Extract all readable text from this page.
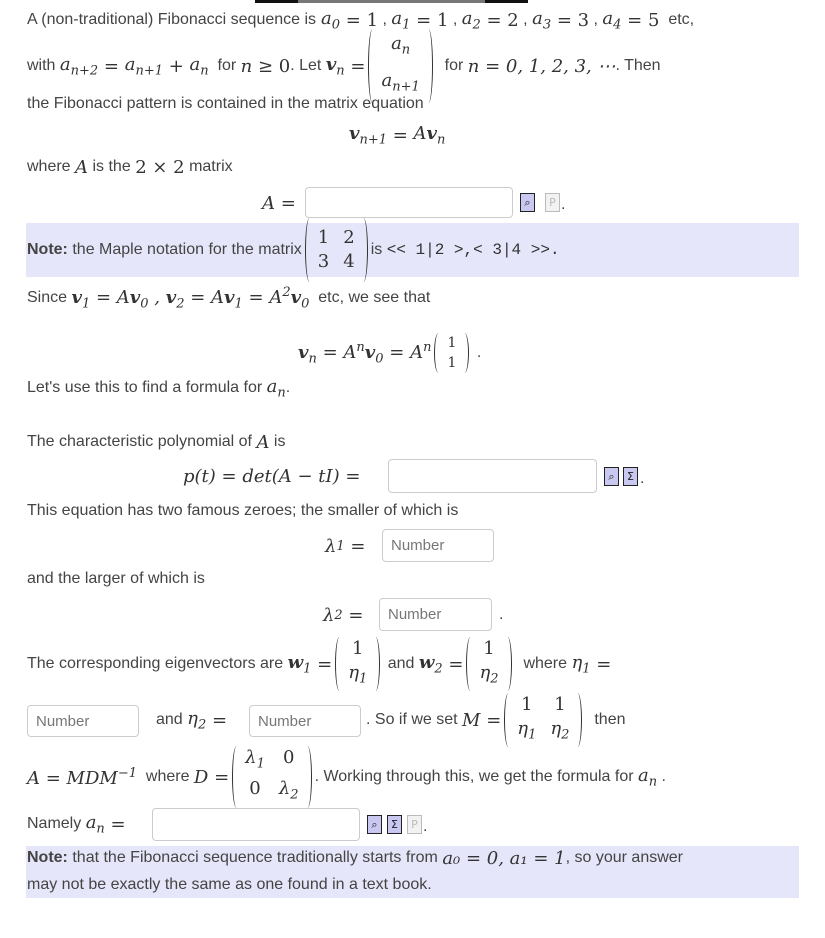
A (non-traditional) Fibonacci sequence is $a_0 = 1$ , $a_1 = 1$ , $a_2 = 2$ , $a_3 = 3$ , $a_4 = 5$
etc,
with
$a_{n+2} = a_{n+1} + a_n$
for
n ≥ 0 . Let
$v_n$ =
$a_n$
$a_{n+1}$

for
n = 0, 1, 2, 3, ⋯ . Then
the Fibonacci pattern is contained in the matrix equation
$v_{n+1} = Av_n$
where
A
is the
2 × 2
matrix
A =	⌕	P .
Note:
the Maple notation for the matrix
1 2
3 4
is
<< 1|2 >,< 3|4 >>.
Since
$v_1 = Av_0$ , $v_2 = Av_1 = A^2v_0$
etc, we see that
$v_n = A^nv_0 = A^n$ 1
1
.
Let's use this to find a formula for
$a_n$ .
The characteristic polynomial of
A
is
p(t) = det(A − tI) =	⌕	Σ .
This equation has two famous zeroes; the smaller of which is
λ 1 =	Number
and the larger of which is
λ 2 =	Number	.
The corresponding eigenvectors are
$w_1$ =
1
$\eta_1$

and
$w_2$ =
1
$\eta_2$

where
$\eta_1$ =
Number	and
$\eta_2$ =	Number	. So if we set
M =
1 1
$\eta_1$ $\eta_2$

then
$A = MDM^{-1}$
where
D =
$\lambda_1$ 0
0 $\lambda_2$
. Working through this, we get the formula for
$a_n$ .
Namely
$a_n$ =	⌕	Σ	P .
Note:
that the Fibonacci sequence traditionally starts from
a₀ = 0, a₁ = 1 , so your answer
may not be exactly the same as one found in a text book.
